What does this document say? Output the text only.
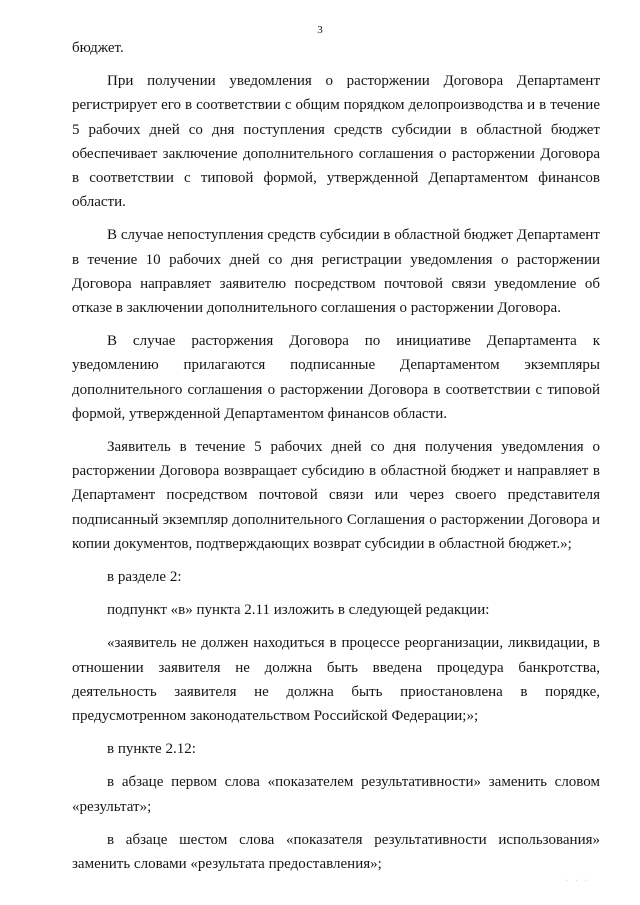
3

бюджет.

При получении уведомления о расторжении Договора Департамент регистрирует его в соответствии с общим порядком делопроизводства и в течение 5 рабочих дней со дня поступления средств субсидии в областной бюджет обеспечивает заключение дополнительного соглашения о расторжении Договора в соответствии с типовой формой, утвержденной Департаментом финансов области.

В случае непоступления средств субсидии в областной бюджет Департамент в течение 10 рабочих дней со дня регистрации уведомления о расторжении Договора направляет заявителю посредством почтовой связи уведомление об отказе в заключении дополнительного соглашения о расторжении Договора.

В случае расторжения Договора по инициативе Департамента к уведомлению прилагаются подписанные Департаментом экземпляры дополнительного соглашения о расторжении Договора в соответствии с типовой формой, утвержденной Департаментом финансов области.

Заявитель в течение 5 рабочих дней со дня получения уведомления о расторжении Договора возвращает субсидию в областной бюджет и направляет в Департамент посредством почтовой связи или через своего представителя подписанный экземпляр дополнительного Соглашения о расторжении Договора и копии документов, подтверждающих возврат субсидии в областной бюджет.»;

в разделе 2:

подпункт «в» пункта 2.11 изложить в следующей редакции:

«заявитель не должен находиться в процессе реорганизации, ликвидации, в отношении заявителя не должна быть введена процедура банкротства, деятельность заявителя не должна быть приостановлена в порядке, предусмотренном законодательством Российской Федерации;»;

в пункте 2.12:

в абзаце первом слова «показателем результативности» заменить словом «результат»;

в абзаце шестом слова «показателя результативности использования» заменить словами «результата предоставления»;

· · ·
